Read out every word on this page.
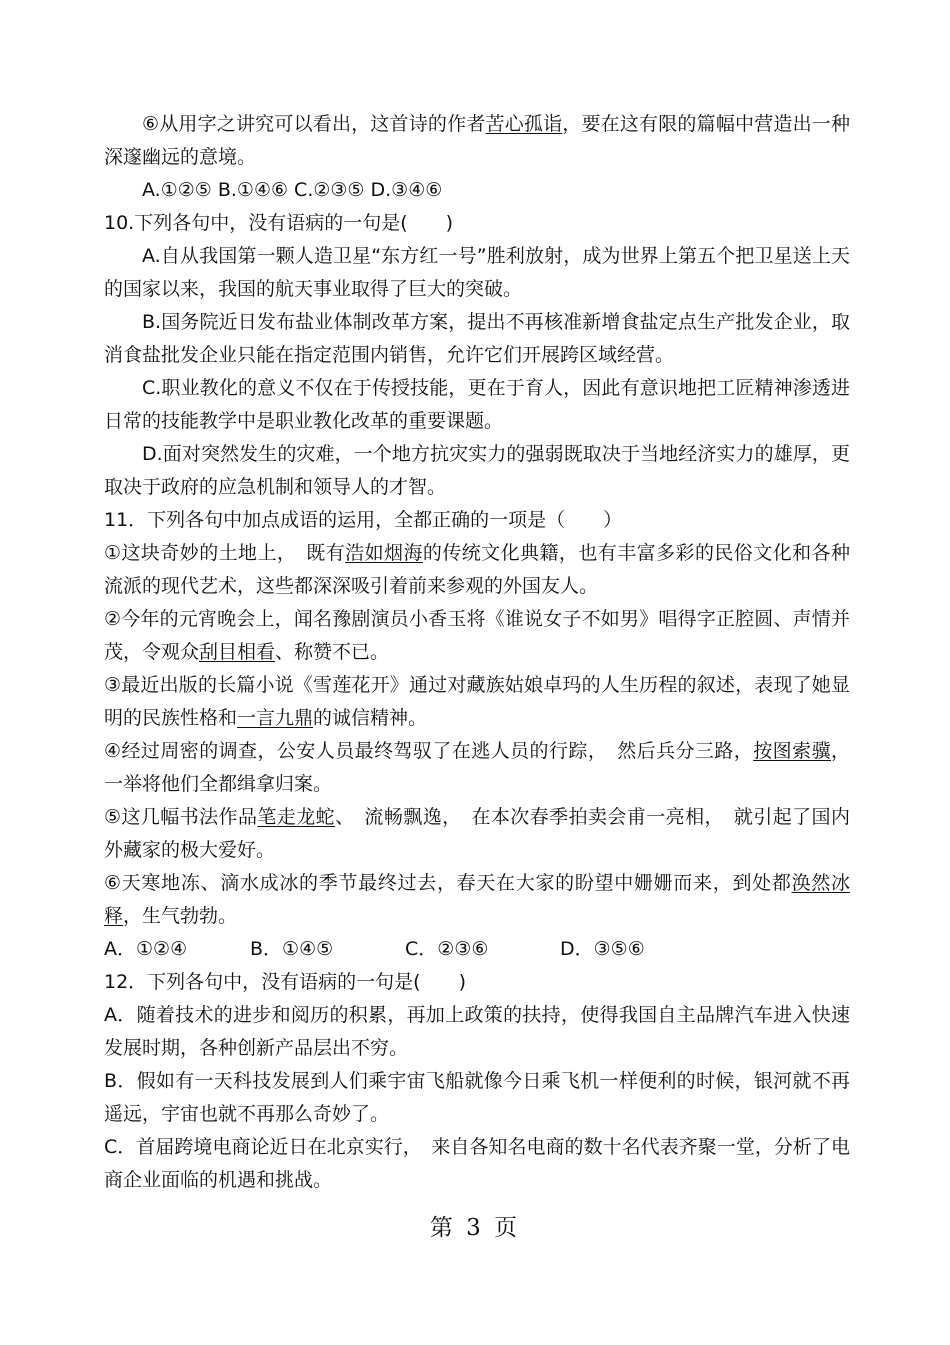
⑥从用字之讲究可以看出，这首诗的作者苦心孤诣，要在这有限的篇幅中营造出一种深邃幽远的意境。

A.①②⑤ B.①④⑥ C.②③⑤ D.③④⑥

10.下列各句中，没有语病的一句是(　　)

A.自从我国第一颗人造卫星“东方红一号”胜利放射，成为世界上第五个把卫星送上天的国家以来，我国的航天事业取得了巨大的突破。

B.国务院近日发布盐业体制改革方案，提出不再核准新增食盐定点生产批发企业，取消食盐批发企业只能在指定范围内销售，允许它们开展跨区域经营。

C.职业教化的意义不仅在于传授技能，更在于育人，因此有意识地把工匠精神渗透进日常的技能教学中是职业教化改革的重要课题。

D.面对突然发生的灾难，一个地方抗灾实力的强弱既取决于当地经济实力的雄厚，更取决于政府的应急机制和领导人的才智。

11．下列各句中加点成语的运用，全都正确的一项是（　　）

①这块奇妙的土地上，　既有浩如烟海的传统文化典籍，也有丰富多彩的民俗文化和各种流派的现代艺术，这些都深深吸引着前来参观的外国友人。

②今年的元宵晚会上，闻名豫剧演员小香玉将《谁说女子不如男》唱得字正腔圆、声情并茂，令观众刮目相看、称赞不已。

③最近出版的长篇小说《雪莲花开》通过对藏族姑娘卓玛的人生历程的叙述，表现了她显明的民族性格和一言九鼎的诚信精神。

④经过周密的调查，公安人员最终驾驭了在逃人员的行踪，　然后兵分三路，按图索骥，一举将他们全都缉拿归案。

⑤这几幅书法作品笔走龙蛇、　流畅飘逸，　在本次春季拍卖会甫一亮相，　就引起了国内外藏家的极大爱好。

⑥天寒地冻、滴水成冰的季节最终过去，春天在大家的盼望中姗姗而来，到处都涣然冰释，生气勃勃。

A．①②④	B．①④⑤	C．②③⑥	D．③⑤⑥

12．下列各句中，没有语病的一句是(　　)

A．随着技术的进步和阅历的积累，再加上政策的扶持，使得我国自主品牌汽车进入快速发展时期，各种创新产品层出不穷。

B．假如有一天科技发展到人们乘宇宙飞船就像今日乘飞机一样便利的时候，银河就不再遥远，宇宙也就不再那么奇妙了。

C．首届跨境电商论近日在北京实行，　来自各知名电商的数十名代表齐聚一堂，分析了电商企业面临的机遇和挑战。

第 3 页
